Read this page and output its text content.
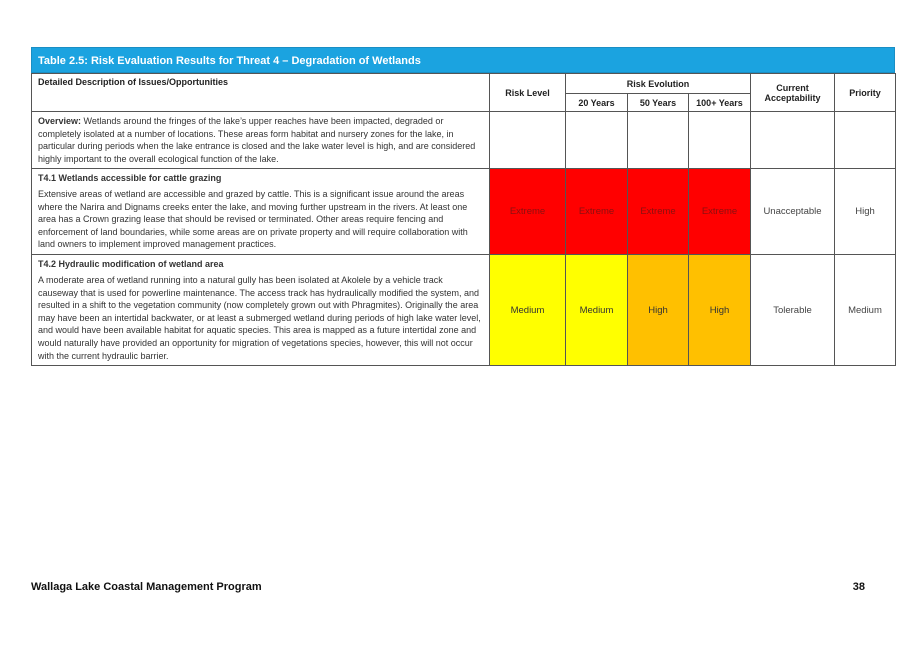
Table 2.5: Risk Evaluation Results for Threat 4 – Degradation of Wetlands
Detailed Description of Issues/Opportunities	Risk Level	Risk Evolution			Current Acceptability	Priority
		20 Years	50 Years	100+ Years		

Overview: Wetlands around the fringes of the lake’s upper reaches have been impacted, degraded or completely isolated at a number of locations. These areas form habitat and nursery zones for the lake, in particular during periods when the lake entrance is closed and the lake water level is high, and are considered highly important to the overall ecological function of the lake.						

T4.1 Wetlands accessible for cattle grazing

Extensive areas of wetland are accessible and grazed by cattle. This is a significant issue around the areas where the Narira and Dignams creeks enter the lake, and moving further upstream in the rivers. At least one area has a Crown grazing lease that should be revised or terminated. Other areas require fencing and enforcement of land boundaries, while some areas are on private property and will require collaboration with land owners to implement improved management practices.	Extreme	Extreme	Extreme	Extreme	Unacceptable	High

T4.2 Hydraulic modification of wetland area

A moderate area of wetland running into a natural gully has been isolated at Akolele by a vehicle track causeway that is used for powerline maintenance. The access track has hydraulically modified the system, and resulted in a shift to the vegetation community (now completely grown out with Phragmites). Originally the area may have been an intertidal backwater, or at least a submerged wetland during periods of high lake water level, and would have been available habitat for aquatic species. This area is mapped as a future intertidal zone and would naturally have provided an opportunity for migration of vegetations species, however, this will not occur with the current hydraulic barrier.	Medium	Medium	High	High	Tolerable	Medium
Wallaga Lake Coastal Management Program	38
